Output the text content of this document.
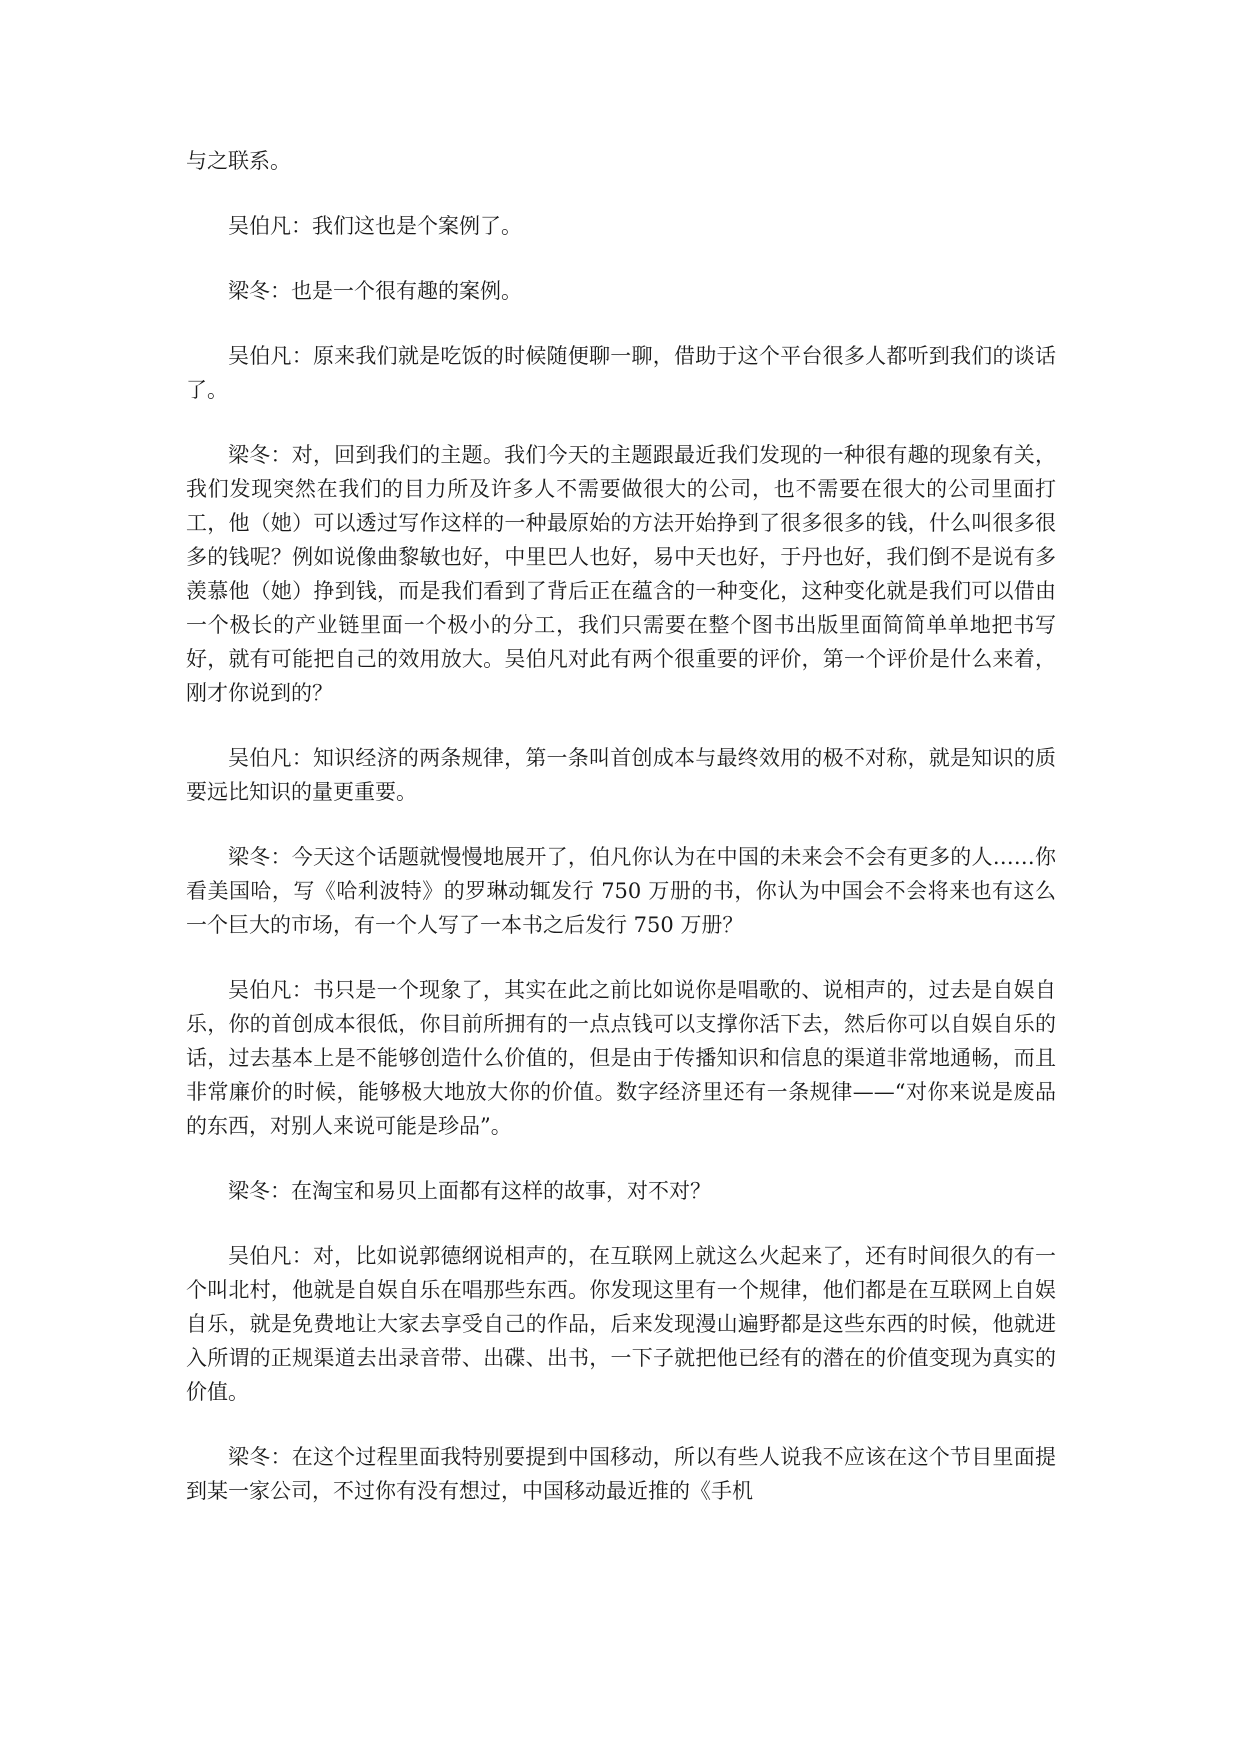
与之联系。

吴伯凡：我们这也是个案例了。

梁冬：也是一个很有趣的案例。

吴伯凡：原来我们就是吃饭的时候随便聊一聊，借助于这个平台很多人都听到我们的谈话了。

梁冬：对，回到我们的主题。我们今天的主题跟最近我们发现的一种很有趣的现象有关，我们发现突然在我们的目力所及许多人不需要做很大的公司，也不需要在很大的公司里面打工，他（她）可以透过写作这样的一种最原始的方法开始挣到了很多很多的钱，什么叫很多很多的钱呢？例如说像曲黎敏也好，中里巴人也好，易中天也好，于丹也好，我们倒不是说有多羡慕他（她）挣到钱，而是我们看到了背后正在蕴含的一种变化，这种变化就是我们可以借由一个极长的产业链里面一个极小的分工，我们只需要在整个图书出版里面简简单单地把书写好，就有可能把自己的效用放大。吴伯凡对此有两个很重要的评价，第一个评价是什么来着，刚才你说到的？

吴伯凡：知识经济的两条规律，第一条叫首创成本与最终效用的极不对称，就是知识的质要远比知识的量更重要。

梁冬：今天这个话题就慢慢地展开了，伯凡你认为在中国的未来会不会有更多的人……你看美国哈，写《哈利波特》的罗琳动辄发行 750 万册的书，你认为中国会不会将来也有这么一个巨大的市场，有一个人写了一本书之后发行 750 万册？

吴伯凡：书只是一个现象了，其实在此之前比如说你是唱歌的、说相声的，过去是自娱自乐，你的首创成本很低，你目前所拥有的一点点钱可以支撑你活下去，然后你可以自娱自乐的话，过去基本上是不能够创造什么价值的，但是由于传播知识和信息的渠道非常地通畅，而且非常廉价的时候，能够极大地放大你的价值。数字经济里还有一条规律——“对你来说是废品的东西，对别人来说可能是珍品”。

梁冬：在淘宝和易贝上面都有这样的故事，对不对？

吴伯凡：对，比如说郭德纲说相声的，在互联网上就这么火起来了，还有时间很久的有一个叫北村，他就是自娱自乐在唱那些东西。你发现这里有一个规律，他们都是在互联网上自娱自乐，就是免费地让大家去享受自己的作品，后来发现漫山遍野都是这些东西的时候，他就进入所谓的正规渠道去出录音带、出碟、出书，一下子就把他已经有的潜在的价值变现为真实的价值。

梁冬：在这个过程里面我特别要提到中国移动，所以有些人说我不应该在这个节目里面提到某一家公司，不过你有没有想过，中国移动最近推的《手机
